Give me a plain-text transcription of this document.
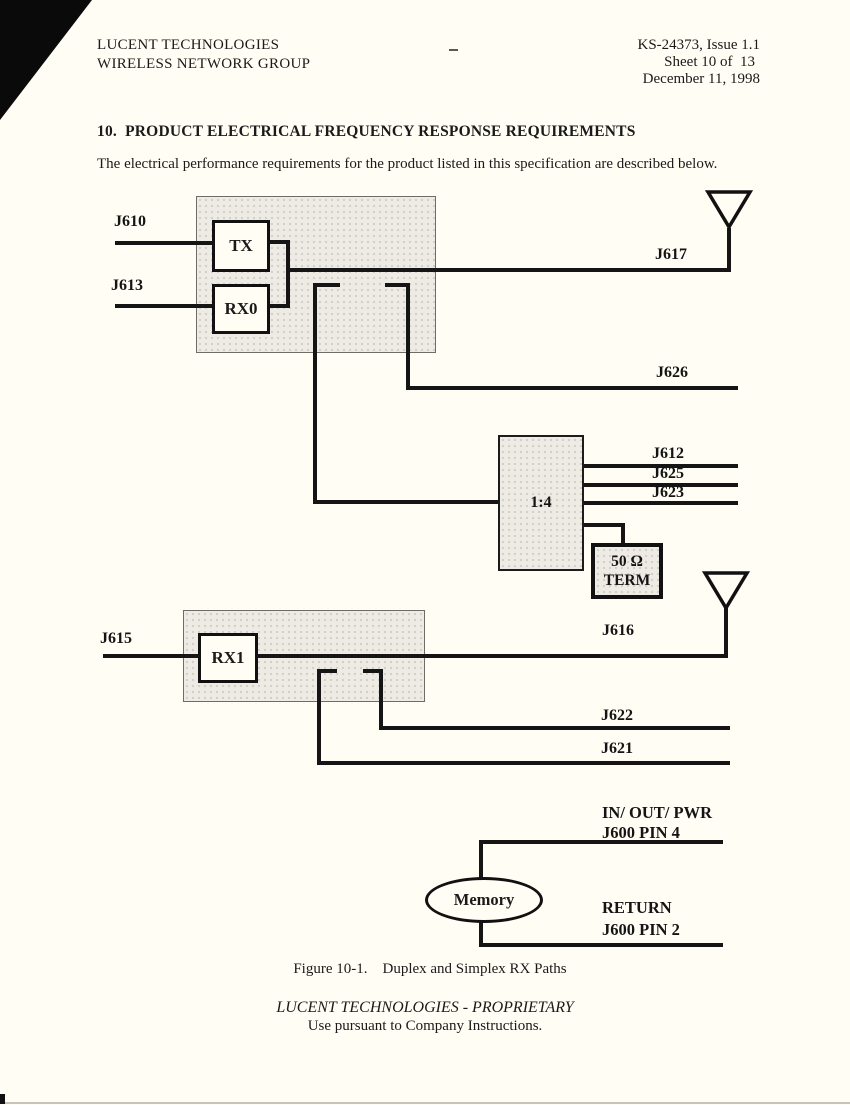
LUCENT TECHNOLOGIES
WIRELESS NETWORK GROUP
KS-24373, Issue 1.1
Sheet 10 of  13
December 11, 1998
10.  PRODUCT ELECTRICAL FREQUENCY RESPONSE REQUIREMENTS
The electrical performance requirements for the product listed in this specification are described below.
TX
RX0
RX1
1:4
50 Ω
TERM
Memory
J610
J613
J617
J626
J612
J625
J623
J615	J616
J622
J621
IN/ OUT/ PWR
J600 PIN 4
RETURN
J600 PIN 2
Figure 10-1.    Duplex and Simplex RX Paths
LUCENT TECHNOLOGIES - PROPRIETARY
Use pursuant to Company Instructions.
